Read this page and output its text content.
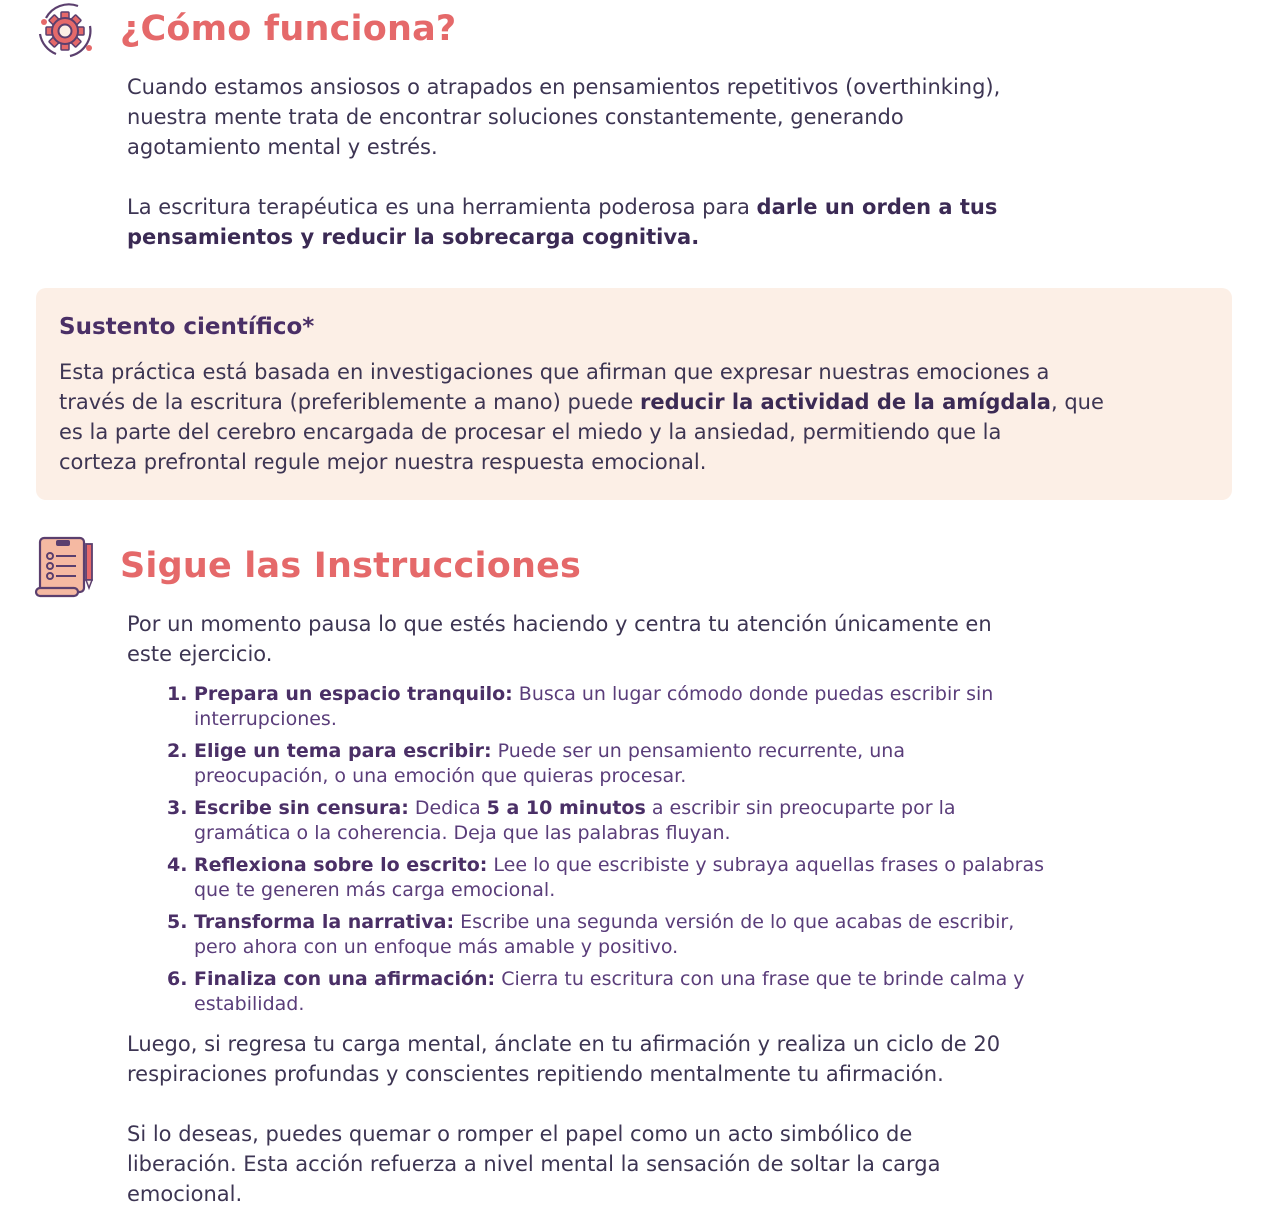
¿Cómo funciona?

Cuando estamos ansiosos o atrapados en pensamientos repetitivos (overthinking),
nuestra mente trata de encontrar soluciones constantemente, generando
agotamiento mental y estrés.

La escritura terapéutica es una herramienta poderosa para darle un orden a tus
pensamientos y reducir la sobrecarga cognitiva.

Sustento científico*

Esta práctica está basada en investigaciones que afirman que expresar nuestras emociones a
través de la escritura (preferiblemente a mano) puede reducir la actividad de la amígdala, que
es la parte del cerebro encargada de procesar el miedo y la ansiedad, permitiendo que la
corteza prefrontal regule mejor nuestra respuesta emocional.

Sigue las Instrucciones

Por un momento pausa lo que estés haciendo y centra tu atención únicamente en
este ejercicio.

1. Prepara un espacio tranquilo: Busca un lugar cómodo donde puedas escribir sin
interrupciones.
2. Elige un tema para escribir: Puede ser un pensamiento recurrente, una
preocupación, o una emoción que quieras procesar.
3. Escribe sin censura: Dedica 5 a 10 minutos a escribir sin preocuparte por la
gramática o la coherencia. Deja que las palabras fluyan.
4. Reflexiona sobre lo escrito: Lee lo que escribiste y subraya aquellas frases o palabras
que te generen más carga emocional.
5. Transforma la narrativa: Escribe una segunda versión de lo que acabas de escribir,
pero ahora con un enfoque más amable y positivo.
6. Finaliza con una afirmación: Cierra tu escritura con una frase que te brinde calma y
estabilidad.

Luego, si regresa tu carga mental, ánclate en tu afirmación y realiza un ciclo de 20
respiraciones profundas y conscientes repitiendo mentalmente tu afirmación.

Si lo deseas, puedes quemar o romper el papel como un acto simbólico de
liberación. Esta acción refuerza a nivel mental la sensación de soltar la carga
emocional.
